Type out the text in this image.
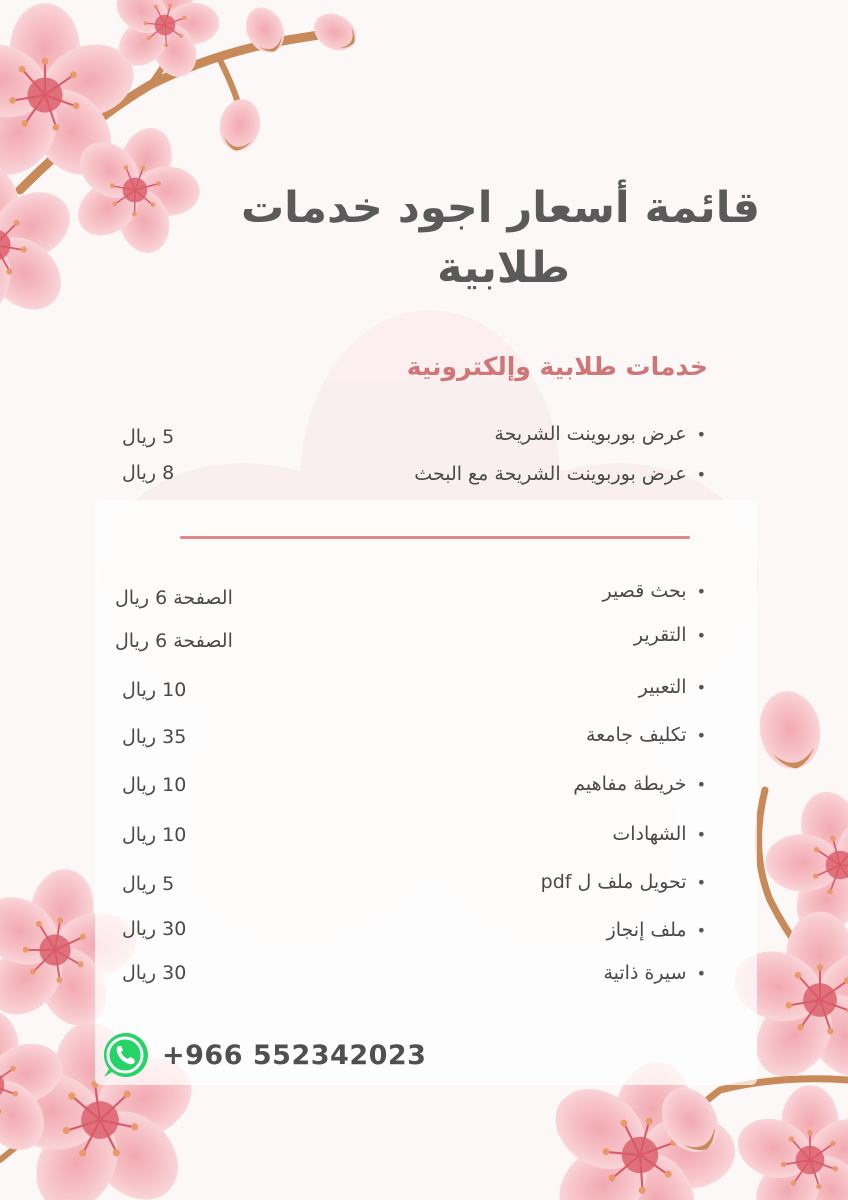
قائمة أسعار اجود خدمات
طلابية
خدمات طلابية وإلكترونية
• عرض بوربوينت الشريحة
5 ريال
• عرض بوربوينت الشريحة مع البحث
8 ريال
• بحث قصير
الصفحة 6 ريال
• التقرير
الصفحة 6 ريال
• التعبير
10 ريال
• تكليف جامعة
35 ريال
• خريطة مفاهيم
10 ريال
• الشهادات
10 ريال
• تحويل ملف ل pdf
5 ريال
• ملف إنجاز
30 ريال
• سيرة ذاتية
30 ريال
+966 552342023
